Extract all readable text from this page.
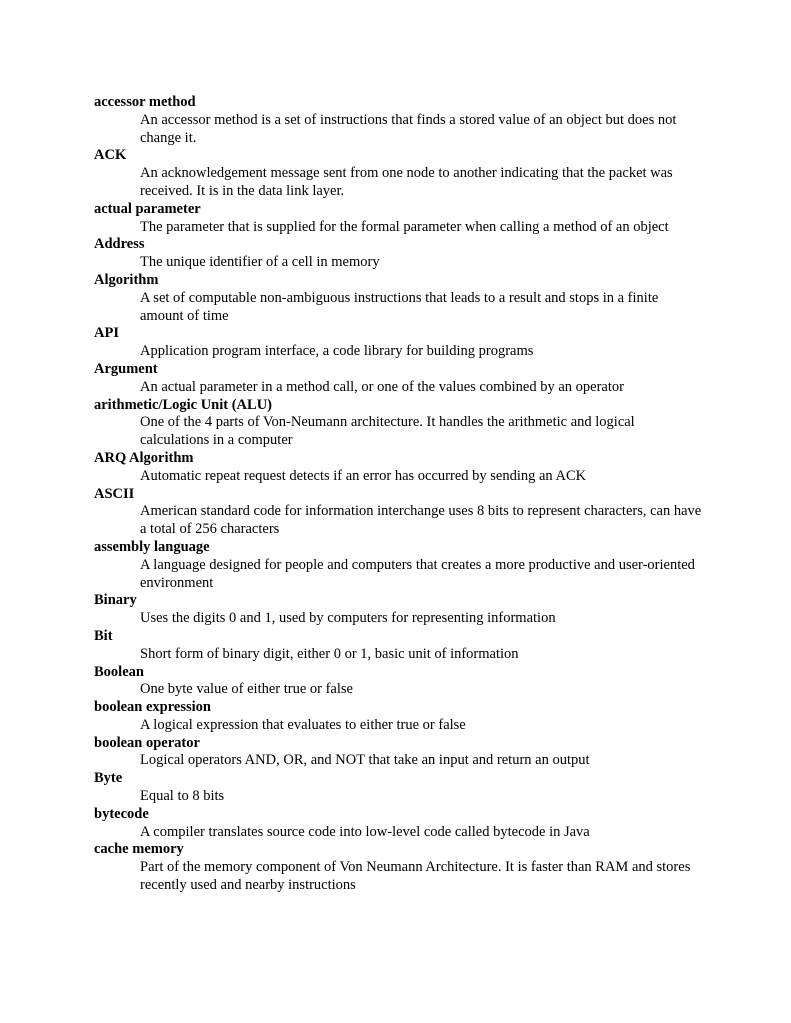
accessor method

An accessor method is a set of instructions that finds a stored value of an object but does not change it.

ACK

An acknowledgement message sent from one node to another indicating that the packet was received. It is in the data link layer.

actual parameter

The parameter that is supplied for the formal parameter when calling a method of an object

Address

The unique identifier of a cell in memory

Algorithm

A set of computable non-ambiguous instructions that leads to a result and stops in a finite amount of time

API

Application program interface, a code library for building programs

Argument

An actual parameter in a method call, or one of the values combined by an operator

arithmetic/Logic Unit (ALU)

One of the 4 parts of Von-Neumann architecture. It handles the arithmetic and logical calculations in a computer

ARQ Algorithm

Automatic repeat request detects if an error has occurred by sending an ACK

ASCII

American standard code for information interchange uses 8 bits to represent characters, can have a total of 256 characters

assembly language

A language designed for people and computers that creates a more productive and user-oriented environment

Binary

Uses the digits 0 and 1, used by computers for representing information

Bit

Short form of binary digit, either 0 or 1, basic unit of information

Boolean

One byte value of either true or false

boolean expression

A logical expression that evaluates to either true or false

boolean operator

Logical operators AND, OR, and NOT that take an input and return an output

Byte

Equal to 8 bits

bytecode

A compiler translates source code into low-level code called bytecode in Java

cache memory

Part of the memory component of Von Neumann Architecture. It is faster than RAM and stores recently used and nearby instructions
